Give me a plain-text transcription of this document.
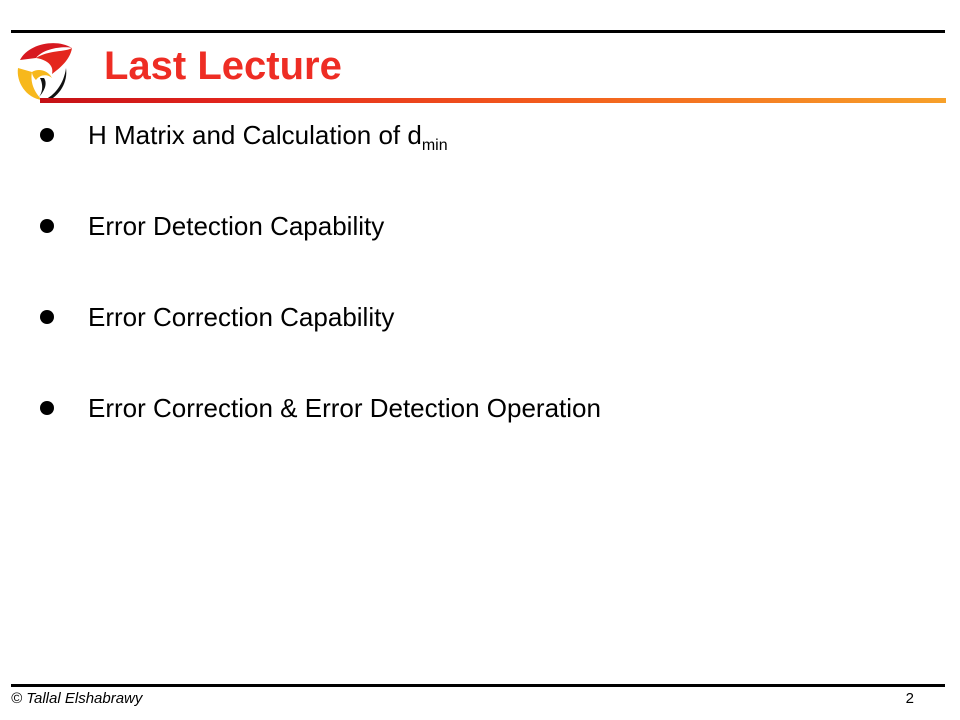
Last Lecture
H Matrix and Calculation of $d_{min}$
Error Detection Capability
Error Correction Capability
Error Correction & Error Detection Operation
© Tallal Elshabrawy	2
